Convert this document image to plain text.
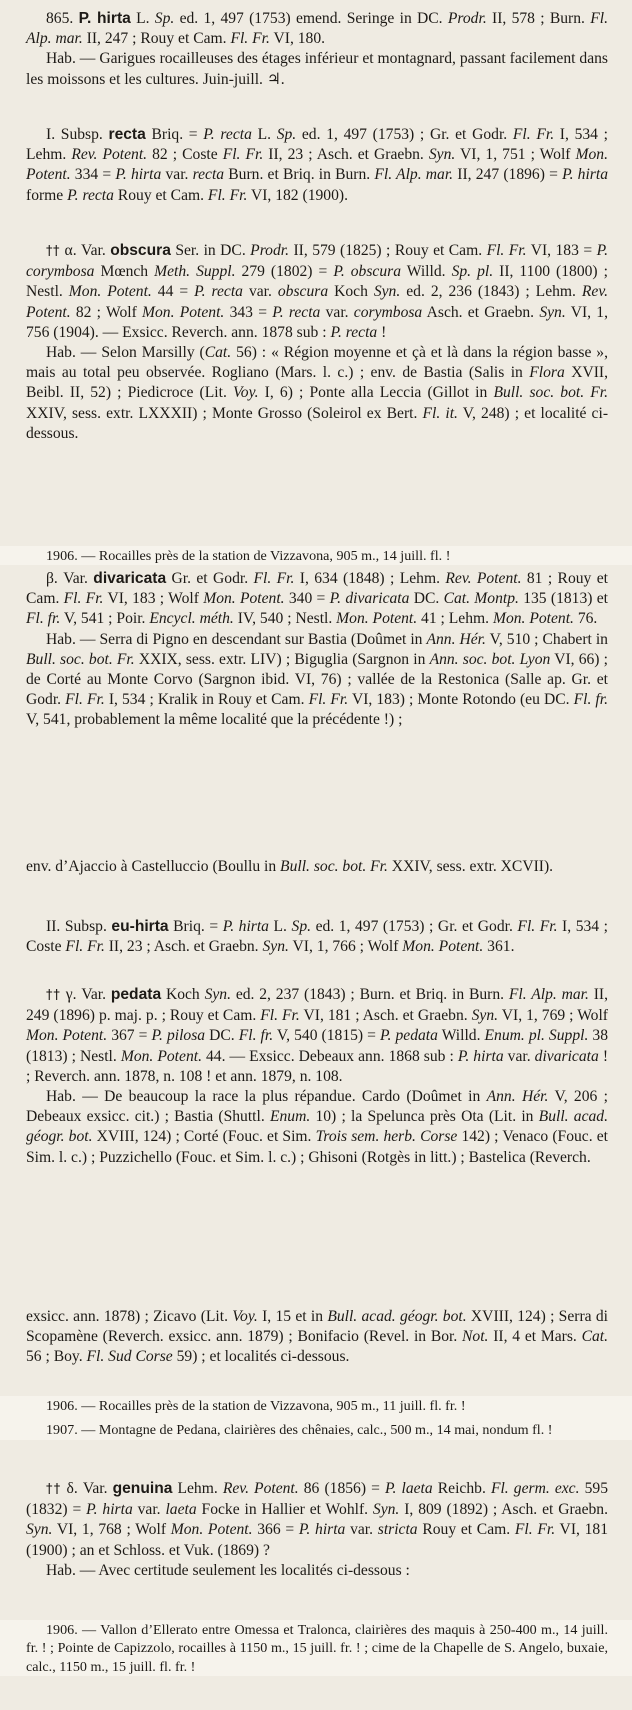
865. P. hirta L. Sp. ed. 1, 497 (1753) emend. Seringe in DC. Prodr. II, 578 ; Burn. Fl. Alp. mar. II, 247 ; Rouy et Cam. Fl. Fr. VI, 180.

Hab. — Garigues rocailleuses des étages inférieur et montagnard, passant facilement dans les moissons et les cultures. Juin-juill. ♃.

I. Subsp. recta Briq. = P. recta L. Sp. ed. 1, 497 (1753) ; Gr. et Godr. Fl. Fr. I, 534 ; Lehm. Rev. Potent. 82 ; Coste Fl. Fr. II, 23 ; Asch. et Graebn. Syn. VI, 1, 751 ; Wolf Mon. Potent. 334 = P. hirta var. recta Burn. et Briq. in Burn. Fl. Alp. mar. II, 247 (1896) = P. hirta forme P. recta Rouy et Cam. Fl. Fr. VI, 182 (1900).

†† α. Var. obscura Ser. in DC. Prodr. II, 579 (1825) ; Rouy et Cam. Fl. Fr. VI, 183 = P. corymbosa Mœnch Meth. Suppl. 279 (1802) = P. obscura Willd. Sp. pl. II, 1100 (1800) ; Nestl. Mon. Potent. 44 = P. recta var. obscura Koch Syn. ed. 2, 236 (1843) ; Lehm. Rev. Potent. 82 ; Wolf Mon. Potent. 343 = P. recta var. corymbosa Asch. et Graebn. Syn. VI, 1, 756 (1904). — Exsicc. Reverch. ann. 1878 sub : P. recta !

Hab. — Selon Marsilly (Cat. 56) : « Région moyenne et çà et là dans la région basse », mais au total peu observée. Rogliano (Mars. l. c.) ; env. de Bastia (Salis in Flora XVII, Beibl. II, 52) ; Piedicroce (Lit. Voy. I, 6) ; Ponte alla Leccia (Gillot in Bull. soc. bot. Fr. XXIV, sess. extr. LXXXII) ; Monte Grosso (Soleirol ex Bert. Fl. it. V, 248) ; et localité ci-dessous.

1906. — Rocailles près de la station de Vizzavona, 905 m., 14 juill. fl. !

β. Var. divaricata Gr. et Godr. Fl. Fr. I, 634 (1848) ; Lehm. Rev. Potent. 81 ; Rouy et Cam. Fl. Fr. VI, 183 ; Wolf Mon. Potent. 340 = P. divaricata DC. Cat. Montp. 135 (1813) et Fl. fr. V, 541 ; Poir. Encycl. méth. IV, 540 ; Nestl. Mon. Potent. 41 ; Lehm. Mon. Potent. 76.

Hab. — Serra di Pigno en descendant sur Bastia (Doûmet in Ann. Hér. V, 510 ; Chabert in Bull. soc. bot. Fr. XXIX, sess. extr. LIV) ; Biguglia (Sargnon in Ann. soc. bot. Lyon VI, 66) ; de Corté au Monte Corvo (Sargnon ibid. VI, 76) ; vallée de la Restonica (Salle ap. Gr. et Godr. Fl. Fr. I, 534 ; Kralik in Rouy et Cam. Fl. Fr. VI, 183) ; Monte Rotondo (eu DC. Fl. fr. V, 541, probablement la même localité que la précédente !) ;

env. d’Ajaccio à Castelluccio (Boullu in Bull. soc. bot. Fr. XXIV, sess. extr. XCVII).

II. Subsp. eu-hirta Briq. = P. hirta L. Sp. ed. 1, 497 (1753) ; Gr. et Godr. Fl. Fr. I, 534 ; Coste Fl. Fr. II, 23 ; Asch. et Graebn. Syn. VI, 1, 766 ; Wolf Mon. Potent. 361.

†† γ. Var. pedata Koch Syn. ed. 2, 237 (1843) ; Burn. et Briq. in Burn. Fl. Alp. mar. II, 249 (1896) p. maj. p. ; Rouy et Cam. Fl. Fr. VI, 181 ; Asch. et Graebn. Syn. VI, 1, 769 ; Wolf Mon. Potent. 367 = P. pilosa DC. Fl. fr. V, 540 (1815) = P. pedata Willd. Enum. pl. Suppl. 38 (1813) ; Nestl. Mon. Potent. 44. — Exsicc. Debeaux ann. 1868 sub : P. hirta var. divaricata ! ; Reverch. ann. 1878, n. 108 ! et ann. 1879, n. 108.

Hab. — De beaucoup la race la plus répandue. Cardo (Doûmet in Ann. Hér. V, 206 ; Debeaux exsicc. cit.) ; Bastia (Shuttl. Enum. 10) ; la Spelunca près Ota (Lit. in Bull. acad. géogr. bot. XVIII, 124) ; Corté (Fouc. et Sim. Trois sem. herb. Corse 142) ; Venaco (Fouc. et Sim. l. c.) ; Puzzichello (Fouc. et Sim. l. c.) ; Ghisoni (Rotgès in litt.) ; Bastelica (Reverch.

exsicc. ann. 1878) ; Zicavo (Lit. Voy. I, 15 et in Bull. acad. géogr. bot. XVIII, 124) ; Serra di Scopamène (Reverch. exsicc. ann. 1879) ; Bonifacio (Revel. in Bor. Not. II, 4 et Mars. Cat. 56 ; Boy. Fl. Sud Corse 59) ; et localités ci-dessous.

1906. — Rocailles près de la station de Vizzavona, 905 m., 11 juill. fl. fr. !

1907. — Montagne de Pedana, clairières des chênaies, calc., 500 m., 14 mai, nondum fl. !

†† δ. Var. genuina Lehm. Rev. Potent. 86 (1856) = P. laeta Reichb. Fl. germ. exc. 595 (1832) = P. hirta var. laeta Focke in Hallier et Wohlf. Syn. I, 809 (1892) ; Asch. et Graebn. Syn. VI, 1, 768 ; Wolf Mon. Potent. 366 = P. hirta var. stricta Rouy et Cam. Fl. Fr. VI, 181 (1900) ; an et Schloss. et Vuk. (1869) ?

Hab. — Avec certitude seulement les localités ci-dessous :

1906. — Vallon d’Ellerato entre Omessa et Tralonca, clairières des maquis à 250-400 m., 14 juill. fr. ! ; Pointe de Capizzolo, rocailles à 1150 m., 15 juill. fr. ! ; cime de la Chapelle de S. Angelo, buxaie, calc., 1150 m., 15 juill. fl. fr. !
